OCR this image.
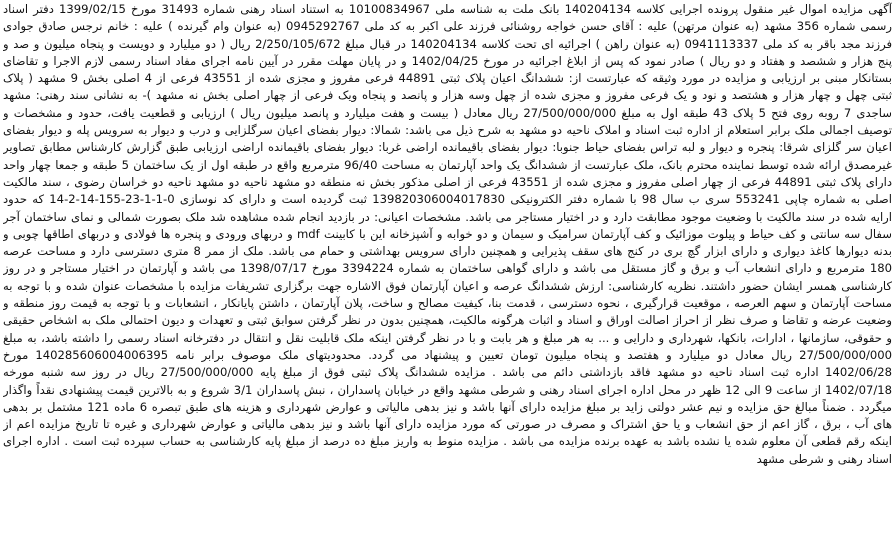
آگهی مزایده اموال غیر منقول پرونده اجرایی کلاسه 140204134 بانک ملت به شناسه ملی 10100834967 به استناد اسناد رهنی شماره 31493 مورخ 1399/02/15 دفتر اسناد رسمی شماره 356 مشهد (به عنوان مرتهن) علیه : آقای حسن خواجه روشنائی فرزند علی اکبر به کد ملی 0945292767 (به عنوان وام گیرنده ) علیه : خانم نرجس صادق جوادی فرزند مجد باقر به کد ملی 0941113337 (به عنوان راهن ) اجرائیه ای تحت کلاسه 140204134 در قبال مبلغ 2/250/105/672 ریال ( دو میلیارد و دویست و پنجاه میلیون و صد و پنج هزار و ششصد و هفتاد و دو ریال ) صادر نمود که پس از ابلاغ اجرائیه در مورخ 1402/04/25 و در پایان مهلت مقرر در آیین نامه اجرای مفاد اسناد رسمی لازم الاجرا و تقاضای بستانکار مبنی بر ارزیابی و مزایده در مورد وثیقه که عبارتست از: ششدانگ اعیان پلاک ثبتی 44891 فرعی مفروز و مجزی شده از 43551 فرعی از 4 اصلی بخش 9 مشهد ( پلاک ثبتی چهل و چهار هزار و هشتصد و نود و یک فرعی مفروز و مجزی شده از چهل وسه هزار و پانصد و پنجاه ویک فرعی از چهار اصلی بخش نه مشهد )- به نشانی سند رهنی: مشهد ساجدی 7 روبه روی فتح 5 پلاک 43 طبقه اول به مبلغ 27/500/000/000 ریال معادل ( بیست و هفت میلیارد و پانصد میلیون ریال ) ارزیابی و قطعیت یافت، حدود و مشخصات و توصیف اجمالی ملک برابر استعلام از اداره ثبت اسناد و املاک ناحیه دو مشهد به شرح ذیل می باشد: شمالا: دیوار بفضای اعیان سرگلزایی و درب و دیوار به سرویس پله و دیوار بفضای اعیان سر گلزای شرقا: پنجره و دیوار و لبه تراس بفضای حیاط جنوبا: دیوار بفضای باقیمانده اراضی غربا: دیوار بفضای باقیمانده اراضی ارزیابی طبق گزارش کارشناس مطابق تصاویر غیرمصدق ارائه شده توسط نماینده محترم بانک، ملک عبارتست از ششدانگ یک واحد آپارتمان به مساحت 96/40 مترمربع واقع در طبقه اول از یک ساختمان 5 طبقه و جمعا چهار واحد دارای پلاک ثبتی 44891 فرعی از چهار اصلی مفروز و مجزی شده از 43551 فرعی از اصلی مذکور بخش نه منطقه دو مشهد ناحیه دو مشهد ناحیه دو خراسان رضوی ، سند مالکیت اصلی به شماره چاپی 553241 سری ب سال 98 با شماره دفتر الکترونیکی 139820306004017830 ثبت گردیده است و دارای کد نوسازی 0-1-1-23-155-14-2-14 که حدود ارایه شده در سند مالکیت با وضعیت موجود مطابقت دارد و در اختیار مستاجر می باشد. مشخصات اعیانی: در بازدید انجام شده مشاهده شد ملک بصورت شمالی و نمای ساختمان آجر سفال سه سانتی و کف حیاط و پیلوت موزائیک و کف آپارتمان سرامیک و سیمان و دو خوابه و آشپزخانه این با کابینت mdf و دربهای ورودی و پنجره ها فولادی و دربهای اطاقها چوبی و بدنه دیوارها کاغذ دیواری و دارای ابزار گچ بری در کنج های سقف پذیرایی و همچنین دارای سرویس بهداشتی و حمام می باشد. ملک از ممر 8 متری دسترسی دارد و مساحت عرصه 180 مترمربع و دارای انشعاب آب و برق و گاز مستقل می باشد و دارای گواهی ساختمان به شماره 3394224 مورخ 1398/07/17 می باشد و آپارتمان در اختیار مستاجر و در روز کارشناسی همسر ایشان حضور داشتند. نظریه کارشناسی: ارزش ششدانگ عرصه و اعیان آپارتمان فوق الاشاره جهت برگزاری تشریفات مزایده با مشخصات عنوان شده و با توجه به مساحت آپارتمان و سهم العرصه ، موقعیت قرارگیری ، نحوه دسترسی ، قدمت بنا، کیفیت مصالح و ساخت، پلان آپارتمان ، داشتن پایانکار ، انشعابات و با توجه به قیمت روز منطقه و وضعیت عرضه و تقاضا و صرف نظر از احراز اصالت اوراق و اسناد و اثبات هرگونه مالکیت، همچنین بدون در نظر گرفتن سوابق ثبتی و تعهدات و دیون احتمالی ملک به اشخاص حقیقی و حقوقی، سازمانها ، ادارات، بانکها، شهرداری و دارایی و ... به هر مبلغ و هر بابت و با در نظر گرفتن اینکه ملک قابلیت نقل و انتقال در دفترخانه اسناد رسمی را داشته باشد، به مبلغ 27/500/000/000 ریال معادل دو میلیارد و هفتصد و پنجاه میلیون تومان تعیین و پیشنهاد می گردد. محدودیتهای ملک موصوف برابر نامه 140285606004006395 مورخ 1402/06/28 اداره ثبت اسناد ناحیه دو مشهد فاقد بازداشتی دائم می باشد . مزایده ششدانگ پلاک ثبتی فوق از مبلغ پایه 27/500/000/000 ریال در روز سه شنبه مورخه 1402/07/18 از ساعت 9 الی 12 ظهر در محل اداره اجرای اسناد رهنی و شرطی مشهد واقع در خیابان پاسداران ، نبش پاسداران 3/1 شروع و به بالاترین قیمت پیشنهادی نقداً واگذار میگردد . ضمناً مبالغ حق مزایده و نیم عشر دولتی زاید بر مبلغ مزایده دارای آنها باشد و نیز بدهی مالیاتی و عوارض شهرداری و هزینه های طبق تبصره 6 ماده 121 مشتمل بر بدهی های آب ، برق ، گاز اعم از حق انشعاب و یا حق اشتراک و مصرف در صورتی که مورد مزایده دارای آنها باشد و نیز بدهی مالیاتی و عوارض شهرداری و غیره تا تاریخ مزایده اعم از اینکه رقم قطعی آن معلوم شده یا نشده باشد به عهده برنده مزایده می باشد . مزایده منوط به واریز مبلغ ده درصد از مبلغ پایه کارشناسی به حساب سپرده ثبت است . اداره اجرای اسناد رهنی و شرطی مشهد
